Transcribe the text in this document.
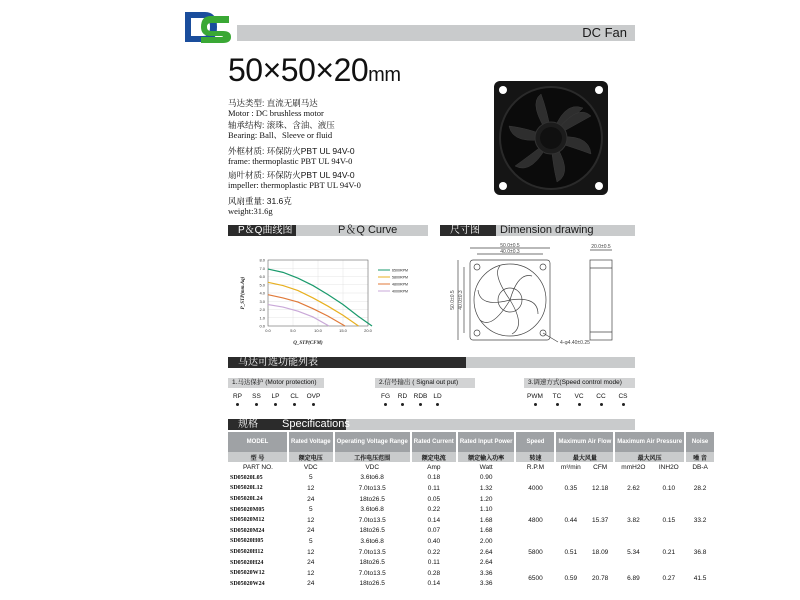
DC Fan
50×50×20mm
马达类型: 直流无刷马达
Motor : DC brushless motor
轴承结构: 滚珠、含油、液压
Bearing: Ball、Sleeve or fluid
外框材质: 环保防火PBT UL 94V-0
frame: thermoplastic PBT UL 94V-0
扇叶材质: 环保防火PBT UL 94V-0
impeller: thermoplastic PBT UL 94V-0
风扇重量: 31.6克
weight:31.6g
P＆Q曲线图	P＆Q Curve	尺寸图 Dimension drawing
0.0
1.0
2.0
3.0
4.0
5.0
6.0
7.0
8.0
0.0	5.0	10.0	15.0	20.0
Q_STP(CFM)
P_STP(mm.Aq)
6500RPM
5800RPM
4800RPM
4000RPM
50.0±0.5
40.0±0.3
50.0±0.5 40.0±0.3
4-φ4.40±0.25
20.0±0.5
马达可选功能列表
1.马达保护 (Motor protection)	2.信号输出 ( Signal out put)	3.调速方式(Speed control mode)
RP SS LP CL OVP	FG RD RDB LD	PWM TC VC CC CS
规格 Specifications
MODEL	Rated Voltage	Operating Voltage Range	Rated Current	Rated Input Power	Speed	Maximum Air Flow		Maximum Air Pressure		Noise
型 号	额定电压	工作电压范围	额定电流	额定输入功率	转速	最大风量		最大风压		噪 音
PART NO.	VDC	VDC	Amp	Watt	R.P.M	m³/min	CFM	mmH2O	INH2O	DB-A
SD05020L05	5	3.6to6.8	0.18	0.90	4000	0.35	12.18	2.62	0.10	28.2
SD05020L12	12	7.0to13.5	0.11	1.32						
SD05020L24	24	18to26.5	0.05	1.20						
SD05020M05	5	3.6to6.8	0.22	1.10	4800	0.44	15.37	3.82	0.15	33.2
SD05020M12	12	7.0to13.5	0.14	1.68						
SD05020M24	24	18to26.5	0.07	1.68						
SD05020H05	5	3.6to6.8	0.40	2.00	5800	0.51	18.09	5.34	0.21	36.8
SD05020H12	12	7.0to13.5	0.22	2.64						
SD05020H24	24	18to26.5	0.11	2.64						
SD05020W12	12	7.0to13.5	0.28	3.36	6500	0.59	20.78	6.89	0.27	41.5
SD05020W24	24	18to26.5	0.14	3.36						
